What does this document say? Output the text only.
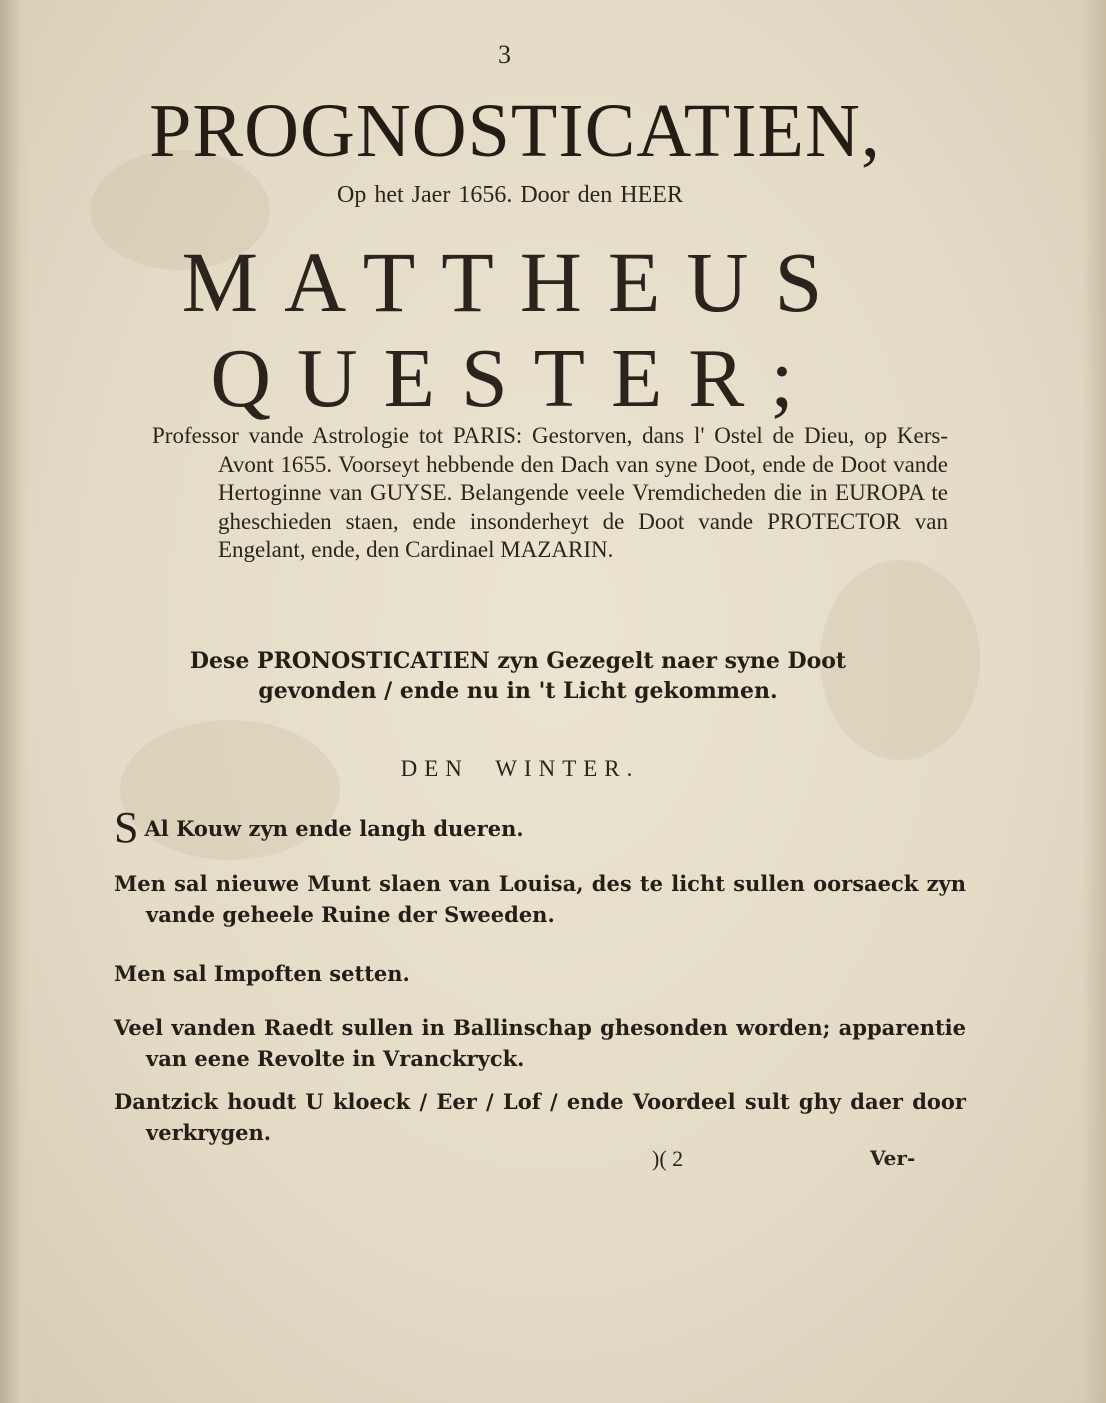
3
PROGNOSTICATIEN,
Op het Jaer 1656. Door den HEER
MATTHEUS
QUESTER;

Professor vande Astrologie tot PARIS: Gestorven, dans l' Ostel de Dieu, op Kers- Avont 1655. Voorseyt hebbende den Dach van syne Doot, ende de Doot vande Hertoginne van GUYSE. Belangende veele Vremdicheden die in EUROPA te gheschieden staen, ende insonderheyt de Doot vande PROTECTOR van Engelant, ende, den Cardinael MAZARIN.

Dese PRONOSTICATIEN zyn Gezegelt naer syne Doot gevonden / ende nu in 't Licht gekommen.

DEN WINTER.

S Al Kouw zyn ende langh dueren.

Men sal nieuwe Munt slaen van Louisa, des te licht sullen oorsaeck zyn vande geheele Ruine der Sweeden.

Men sal Impoften setten.

Veel vanden Raedt sullen in Ballinschap ghesonden worden; apparentie van eene Revolte in Vranckryck.

Dantzick houdt U kloeck / Eer / Lof / ende Voordeel sult ghy daer door verkrygen.

)( 2	Ver-
